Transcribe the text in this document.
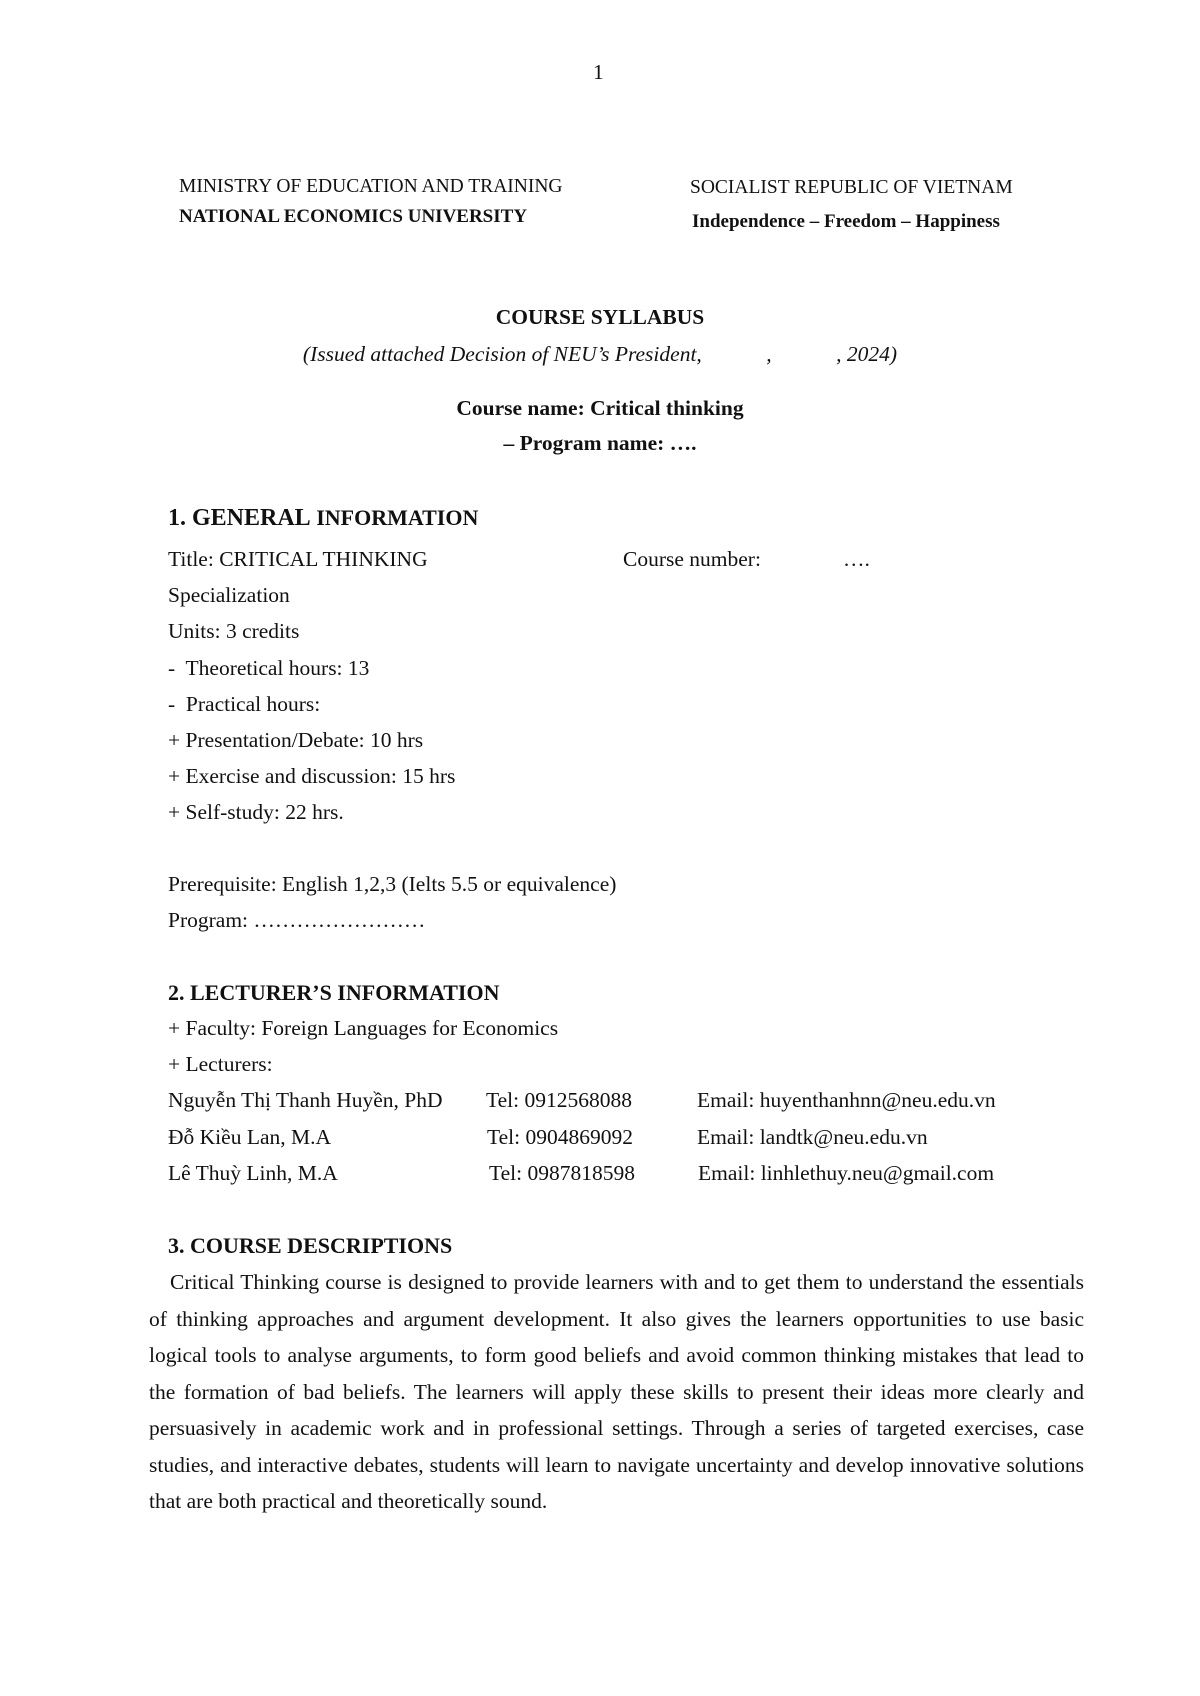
1
MINISTRY OF EDUCATION AND TRAINING
NATIONAL ECONOMICS UNIVERSITY
SOCIALIST REPUBLIC OF VIETNAM
Independence – Freedom – Happiness
COURSE SYLLABUS
(Issued attached Decision of NEU’s President,            ,            , 2024)
Course name: Critical thinking
– Program name: ….
1. GENERAL INFORMATION
Title: CRITICAL THINKING	Course number:	….
Specialization
Units: 3 credits
-  Theoretical hours: 13
-  Practical hours:
+ Presentation/Debate: 10 hrs
+ Exercise and discussion: 15 hrs
+ Self-study: 22 hrs.
Prerequisite: English 1,2,3 (Ielts 5.5 or equivalence)
Program: ……………………
2. LECTURER’S INFORMATION
+ Faculty: Foreign Languages for Economics
+ Lecturers:
Nguyễn Thị Thanh Huyền, PhD Tel: 0912568088	Email: huyenthanhnn@neu.edu.vn
Đỗ Kiều Lan, M.A	Tel: 0904869092	Email: landtk@neu.edu.vn
Lê Thuỳ Linh, M.A	Tel: 0987818598	Email: linhlethuy.neu@gmail.com
3. COURSE DESCRIPTIONS
Critical Thinking course is designed to provide learners with and to get them to understand the essentials of thinking approaches and argument development. It also gives the learners opportunities to use basic logical tools to analyse arguments, to form good beliefs and avoid common thinking mistakes that lead to the formation of bad beliefs. The learners will apply these skills to present their ideas more clearly and persuasively in academic work and in professional settings. Through a series of targeted exercises, case studies, and interactive debates, students will learn to navigate uncertainty and develop innovative solutions that are both practical and theoretically sound.
